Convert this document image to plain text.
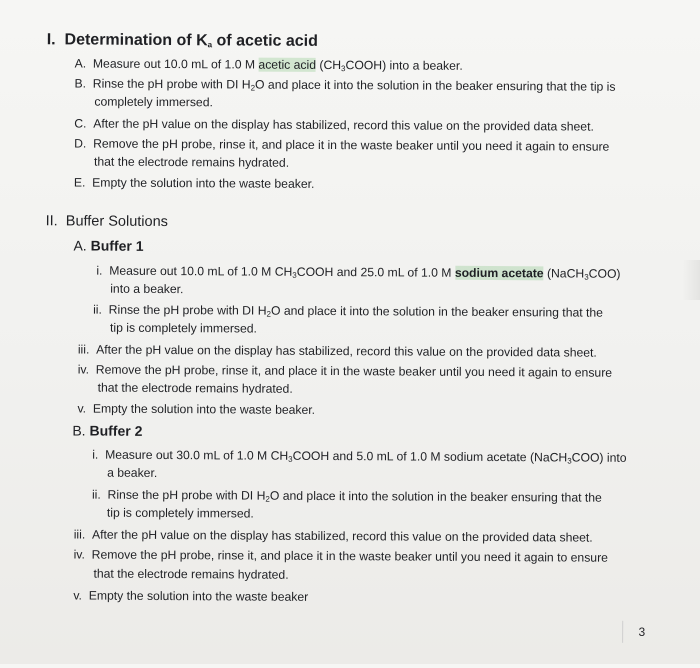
I. Determination of $K_a$ of acetic acid
A. Measure out 10.0 mL of 1.0 M acetic acid $(CH_3COOH)$ into a beaker.
B. Rinse the pH probe with DI $H_2O$ and place it into the solution in the beaker ensuring that the tip is
completely immersed.
C. After the pH value on the display has stabilized, record this value on the provided data sheet.
D. Remove the pH probe, rinse it, and place it in the waste beaker until you need it again to ensure
that the electrode remains hydrated.
E. Empty the solution into the waste beaker.
II. Buffer Solutions
A. Buffer 1
i. Measure out 10.0 mL of 1.0 M $CH_3COOH$ and 25.0 mL of 1.0 M sodium acetate (NaCH$_3$COO)
into a beaker.
ii. Rinse the pH probe with DI $H_2O$ and place it into the solution in the beaker ensuring that the
tip is completely immersed.
iii. After the pH value on the display has stabilized, record this value on the provided data sheet.
iv. Remove the pH probe, rinse it, and place it in the waste beaker until you need it again to ensure
that the electrode remains hydrated.
v. Empty the solution into the waste beaker.
B. Buffer 2
i. Measure out 30.0 mL of 1.0 M $CH_3COOH$ and 5.0 mL of 1.0 M sodium acetate (NaCH$_3$COO) into
a beaker.
ii. Rinse the pH probe with DI $H_2O$ and place it into the solution in the beaker ensuring that the
tip is completely immersed.
iii. After the pH value on the display has stabilized, record this value on the provided data sheet.
iv. Remove the pH probe, rinse it, and place it in the waste beaker until you need it again to ensure
that the electrode remains hydrated.
v. Empty the solution into the waste beaker
3
